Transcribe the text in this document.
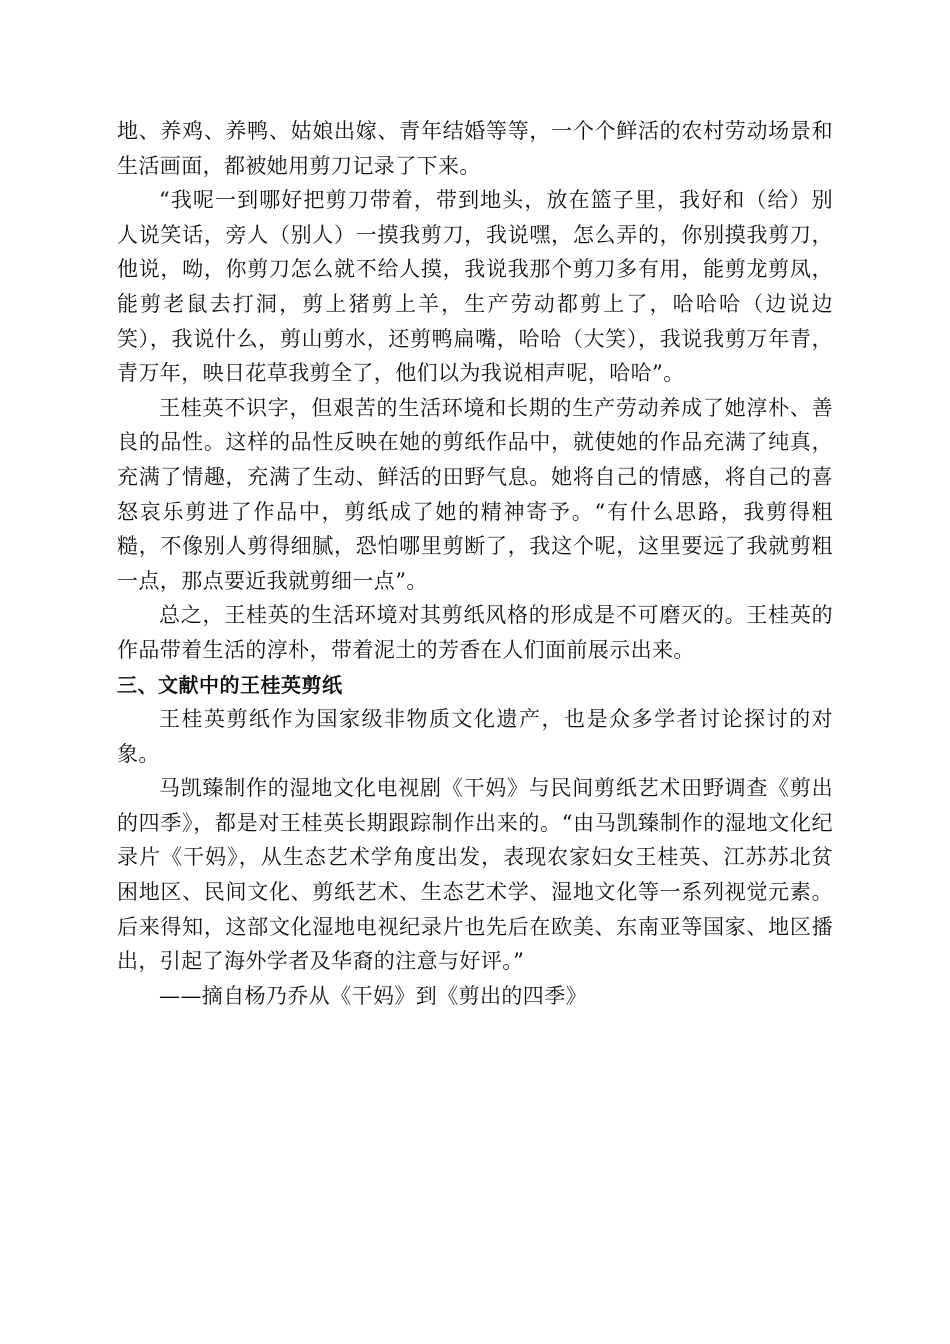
地、养鸡、养鸭、姑娘出嫁、青年结婚等等，一个个鲜活的农村劳动场景和生活画面，都被她用剪刀记录了下来。

“我呢一到哪好把剪刀带着，带到地头，放在篮子里，我好和（给）别人说笑话，旁人（别人）一摸我剪刀，我说嘿，怎么弄的，你别摸我剪刀，他说，呦，你剪刀怎么就不给人摸，我说我那个剪刀多有用，能剪龙剪凤，能剪老鼠去打洞，剪上猪剪上羊，生产劳动都剪上了，哈哈哈（边说边笑），我说什么，剪山剪水，还剪鸭扁嘴，哈哈（大笑），我说我剪万年青，青万年，映日花草我剪全了，他们以为我说相声呢，哈哈”。

王桂英不识字，但艰苦的生活环境和长期的生产劳动养成了她淳朴、善良的品性。这样的品性反映在她的剪纸作品中，就使她的作品充满了纯真，充满了情趣，充满了生动、鲜活的田野气息。她将自己的情感，将自己的喜怒哀乐剪进了作品中，剪纸成了她的精神寄予。“有什么思路，我剪得粗糙，不像别人剪得细腻，恐怕哪里剪断了，我这个呢，这里要远了我就剪粗一点，那点要近我就剪细一点”。

总之，王桂英的生活环境对其剪纸风格的形成是不可磨灭的。王桂英的作品带着生活的淳朴，带着泥土的芳香在人们面前展示出来。

三、文献中的王桂英剪纸

王桂英剪纸作为国家级非物质文化遗产，也是众多学者讨论探讨的对象。

马凯臻制作的湿地文化电视剧《干妈》与民间剪纸艺术田野调查《剪出的四季》，都是对王桂英长期跟踪制作出来的。“由马凯臻制作的湿地文化纪录片《干妈》，从生态艺术学角度出发，表现农家妇女王桂英、江苏苏北贫困地区、民间文化、剪纸艺术、生态艺术学、湿地文化等一系列视觉元素。后来得知，这部文化湿地电视纪录片也先后在欧美、东南亚等国家、地区播出，引起了海外学者及华裔的注意与好评。”

——摘自杨乃乔从《干妈》到《剪出的四季》
